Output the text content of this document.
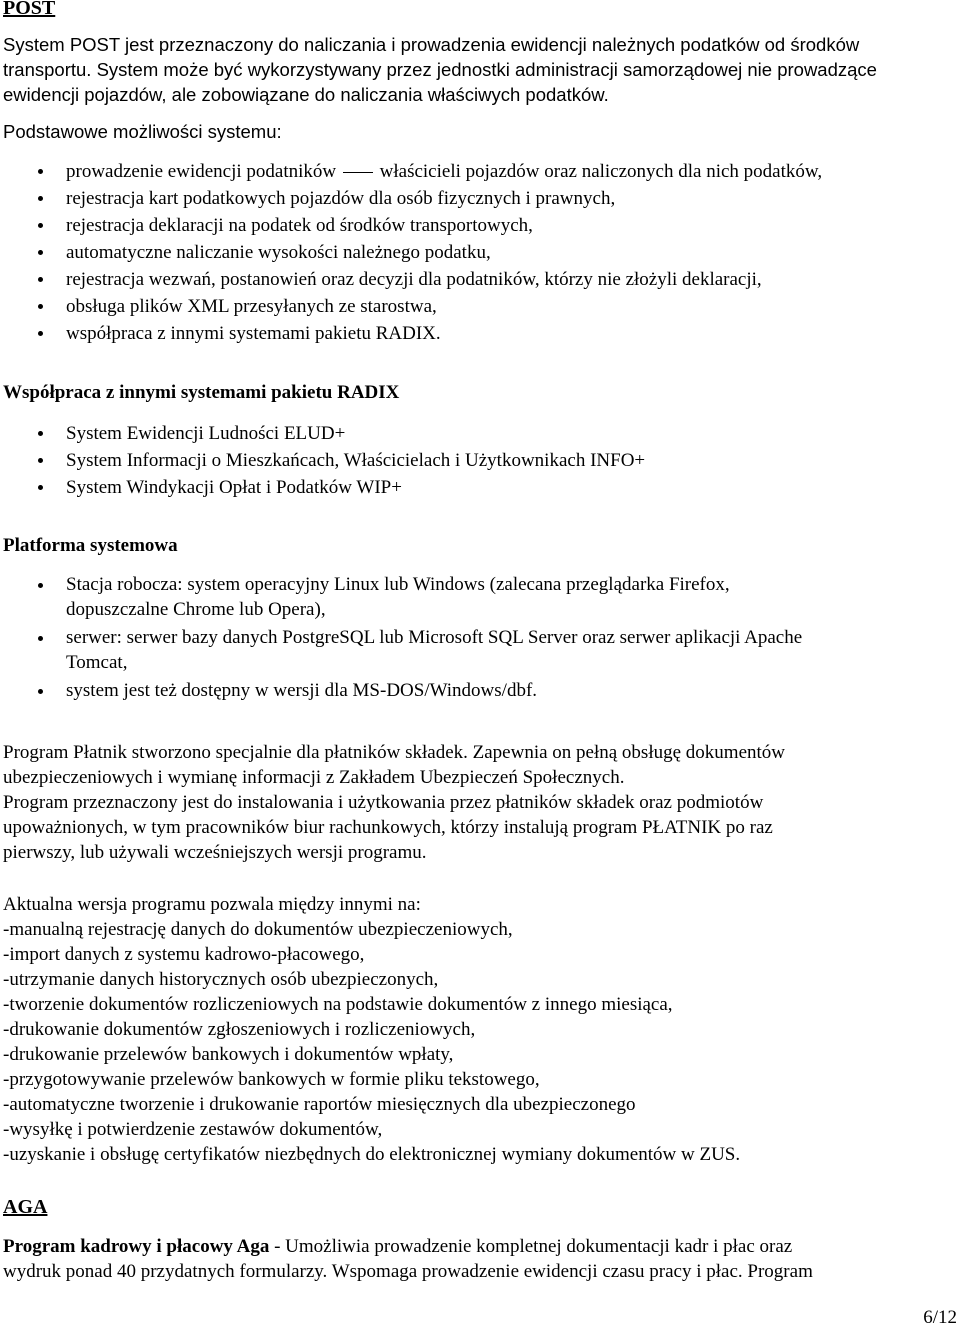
POST
System POST jest przeznaczony do naliczania i prowadzenia ewidencji należnych podatków od środków
transportu. System może być wykorzystywany przez jednostki administracji samorządowej nie prowadzące
ewidencji pojazdów, ale zobowiązane do naliczania właściwych podatków.
Podstawowe możliwości systemu:
prowadzenie ewidencji podatników właścicieli pojazdów oraz naliczonych dla nich podatków,
rejestracja kart podatkowych pojazdów dla osób fizycznych i prawnych,
rejestracja deklaracji na podatek od środków transportowych,
automatyczne naliczanie wysokości należnego podatku,
rejestracja wezwań, postanowień oraz decyzji dla podatników, którzy nie złożyli deklaracji,
obsługa plików XML przesyłanych ze starostwa,
współpraca z innymi systemami pakietu RADIX.
Współpraca z innymi systemami pakietu RADIX
System Ewidencji Ludności ELUD+
System Informacji o Mieszkańcach, Właścicielach i Użytkownikach INFO+
System Windykacji Opłat i Podatków WIP+
Platforma systemowa
Stacja robocza: system operacyjny Linux lub Windows (zalecana przeglądarka Firefox,
dopuszczalne Chrome lub Opera),
serwer: serwer bazy danych PostgreSQL lub Microsoft SQL Server oraz serwer aplikacji Apache
Tomcat,
system jest też dostępny w wersji dla MS-DOS/Windows/dbf.
Program Płatnik stworzono specjalnie dla płatników składek. Zapewnia on pełną obsługę dokumentów
ubezpieczeniowych i wymianę informacji z Zakładem Ubezpieczeń Społecznych.
Program przeznaczony jest do instalowania i użytkowania przez płatników składek oraz podmiotów
upoważnionych, w tym pracowników biur rachunkowych, którzy instalują program PŁATNIK po raz
pierwszy, lub używali wcześniejszych wersji programu.
Aktualna wersja programu pozwala między innymi na:
-manualną rejestrację danych do dokumentów ubezpieczeniowych,
-import danych z systemu kadrowo-płacowego,
-utrzymanie danych historycznych osób ubezpieczonych,
-tworzenie dokumentów rozliczeniowych na podstawie dokumentów z innego miesiąca,
-drukowanie dokumentów zgłoszeniowych i rozliczeniowych,
-drukowanie przelewów bankowych i dokumentów wpłaty,
-przygotowywanie przelewów bankowych w formie pliku tekstowego,
-automatyczne tworzenie i drukowanie raportów miesięcznych dla ubezpieczonego
-wysyłkę i potwierdzenie zestawów dokumentów,
-uzyskanie i obsługę certyfikatów niezbędnych do elektronicznej wymiany dokumentów w ZUS.
AGA
Program kadrowy i płacowy Aga - Umożliwia prowadzenie kompletnej dokumentacji kadr i płac oraz
wydruk ponad 40 przydatnych formularzy. Wspomaga prowadzenie ewidencji czasu pracy i płac. Program
6/12
